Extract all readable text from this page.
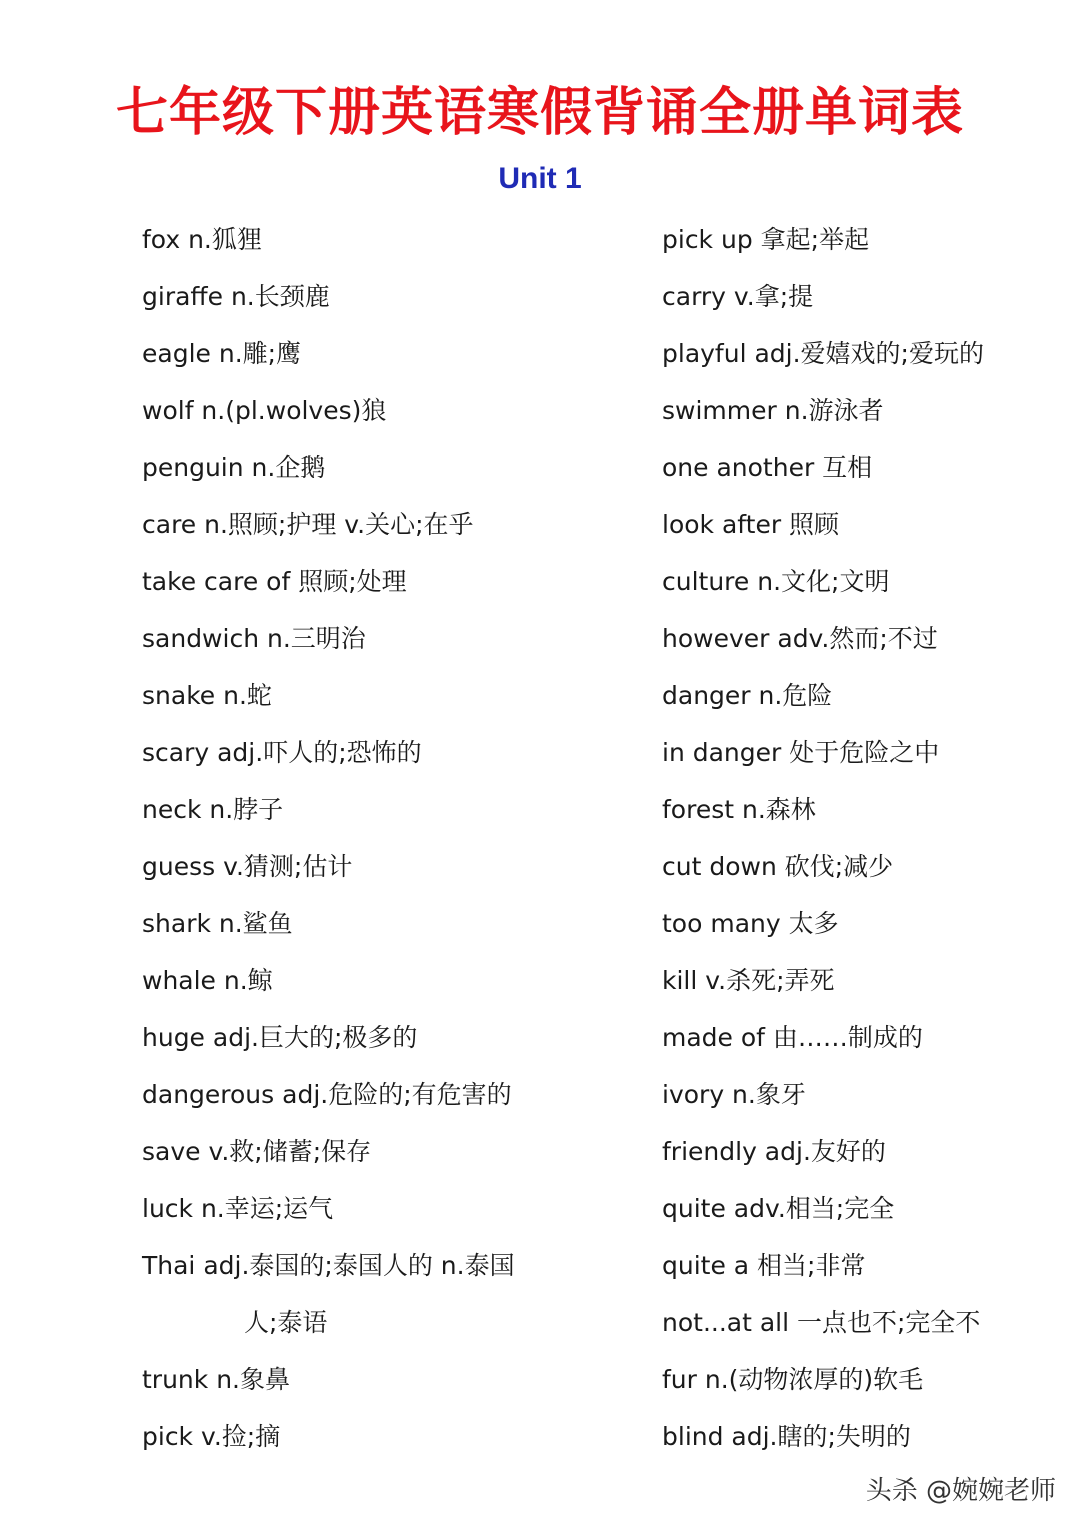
七年级下册英语寒假背诵全册单词表
Unit 1
fox n.狐狸
giraffe n.长颈鹿
eagle n.雕;鹰
wolf n.(pl.wolves)狼
penguin n.企鹅
care n.照顾;护理 v.关心;在乎
take care of 照顾;处理
sandwich n.三明治
snake n.蛇
scary adj.吓人的;恐怖的
neck n.脖子
guess v.猜测;估计
shark n.鲨鱼
whale n.鲸
huge adj.巨大的;极多的
dangerous adj.危险的;有危害的
save v.救;储蓄;保存
luck n.幸运;运气
Thai adj.泰国的;泰国人的 n.泰国
人;泰语
trunk n.象鼻
pick v.捡;摘
pick up 拿起;举起
carry v.拿;提
playful adj.爱嬉戏的;爱玩的
swimmer n.游泳者
one another 互相
look after 照顾
culture n.文化;文明
however adv.然而;不过
danger n.危险
in danger 处于危险之中
forest n.森林
cut down 砍伐;减少
too many 太多
kill v.杀死;弄死
made of 由……制成的
ivory n.象牙
friendly adj.友好的
quite adv.相当;完全
quite a 相当;非常
not...at all 一点也不;完全不
fur n.(动物浓厚的)软毛
blind adj.瞎的;失明的
头杀 @婉婉老师
